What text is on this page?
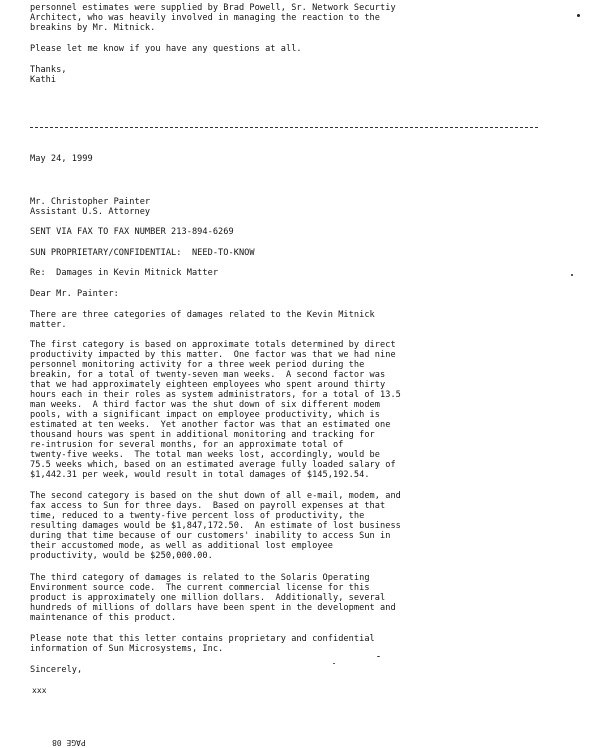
personnel estimates were supplied by Brad Powell, Sr. Network Securtiy

Architect, who was heavily involved in managing the reaction to the

breakins by Mr. Mitnick.

Please let me know if you have any questions at all.

Thanks,

Kathi

May 24, 1999

Mr. Christopher Painter

Assistant U.S. Attorney

SENT VIA FAX TO FAX NUMBER 213-894-6269

SUN PROPRIETARY/CONFIDENTIAL:  NEED-TO-KNOW

Re:  Damages in Kevin Mitnick Matter

Dear Mr. Painter:

There are three categories of damages related to the Kevin Mitnick

matter.

The first category is based on approximate totals determined by direct

productivity impacted by this matter.  One factor was that we had nine

personnel monitoring activity for a three week period during the

breakin, for a total of twenty-seven man weeks.  A second factor was

that we had approximately eighteen employees who spent around thirty

hours each in their roles as system administrators, for a total of 13.5

man weeks.  A third factor was the shut down of six different modem

pools, with a significant impact on employee productivity, which is

estimated at ten weeks.  Yet another factor was that an estimated one

thousand hours was spent in additional monitoring and tracking for

re-intrusion for several months, for an approximate total of

twenty-five weeks.  The total man weeks lost, accordingly, would be

75.5 weeks which, based on an estimated average fully loaded salary of

$1,442.31 per week, would result in total damages of $145,192.54.

The second category is based on the shut down of all e-mail, modem, and

fax access to Sun for three days.  Based on payroll expenses at that

time, reduced to a twenty-five percent loss of productivity, the

resulting damages would be $1,847,172.50.  An estimate of lost business

during that time because of our customers' inability to access Sun in

their accustomed mode, as well as additional lost employee

productivity, would be $250,000.00.

The third category of damages is related to the Solaris Operating

Environment source code.  The current commercial license for this

product is approximately one million dollars.  Additionally, several

hundreds of millions of dollars have been spent in the development and

maintenance of this product.

Please note that this letter contains proprietary and confidential

information of Sun Microsystems, Inc.

Sincerely,

xxx

PAGE 08
